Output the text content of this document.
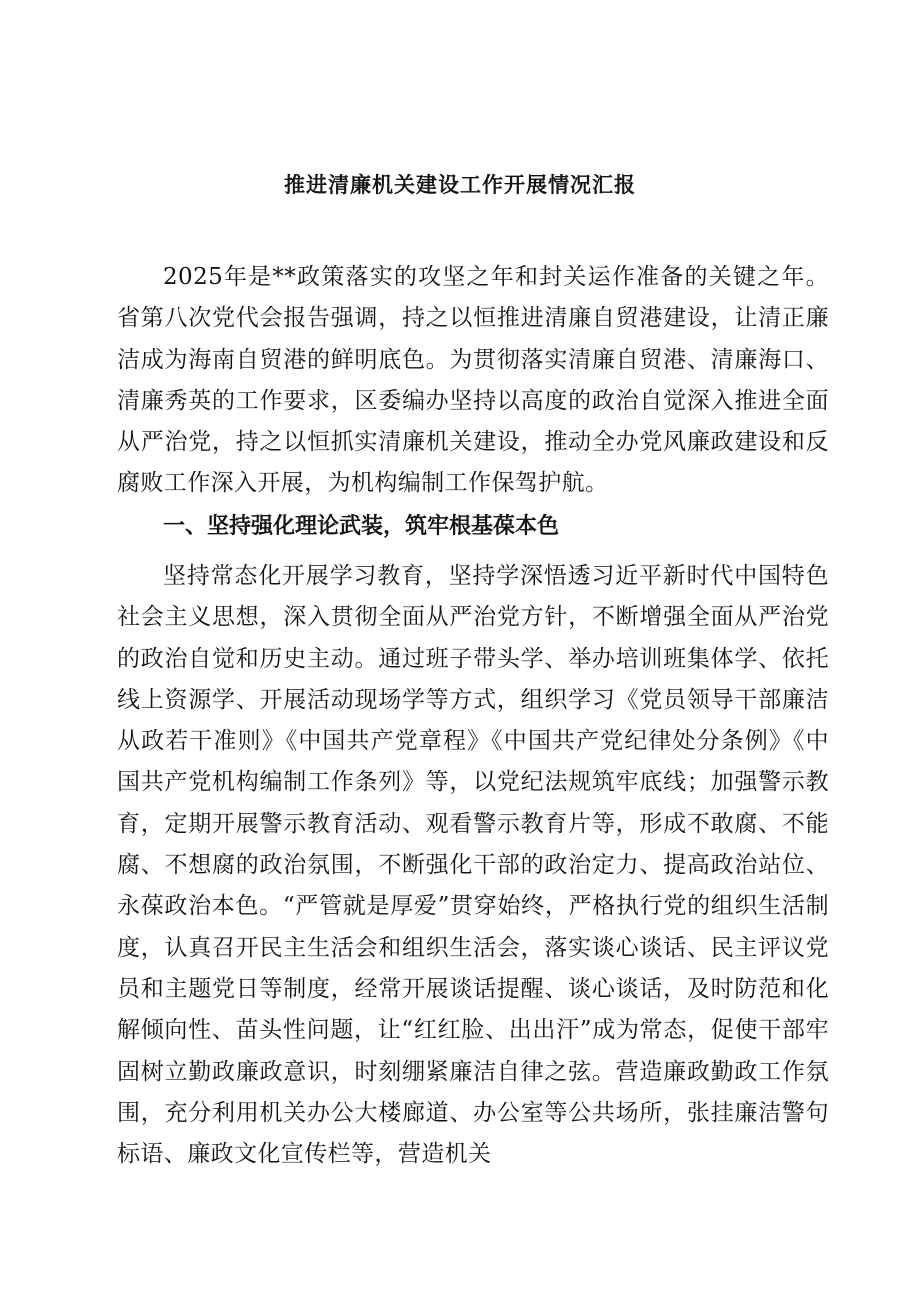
推进清廉机关建设工作开展情况汇报

2025年是**政策落实的攻坚之年和封关运作准备的关键之年。省第八次党代会报告强调，持之以恒推进清廉自贸港建设，让清正廉洁成为海南自贸港的鲜明底色。为贯彻落实清廉自贸港、清廉海口、清廉秀英的工作要求，区委编办坚持以高度的政治自觉深入推进全面从严治党，持之以恒抓实清廉机关建设，推动全办党风廉政建设和反腐败工作深入开展，为机构编制工作保驾护航。

一、坚持强化理论武装，筑牢根基葆本色

坚持常态化开展学习教育，坚持学深悟透习近平新时代中国特色社会主义思想，深入贯彻全面从严治党方针，不断增强全面从严治党的政治自觉和历史主动。通过班子带头学、举办培训班集体学、依托线上资源学、开展活动现场学等方式，组织学习《党员领导干部廉洁从政若干准则》《中国共产党章程》《中国共产党纪律处分条例》《中国共产党机构编制工作条列》等，以党纪法规筑牢底线；加强警示教育，定期开展警示教育活动、观看警示教育片等，形成不敢腐、不能腐、不想腐的政治氛围，不断强化干部的政治定力、提高政治站位、永葆政治本色。“严管就是厚爱”贯穿始终，严格执行党的组织生活制度，认真召开民主生活会和组织生活会，落实谈心谈话、民主评议党员和主题党日等制度，经常开展谈话提醒、谈心谈话，及时防范和化解倾向性、苗头性问题，让“红红脸、出出汗”成为常态，促使干部牢固树立勤政廉政意识，时刻绷紧廉洁自律之弦。营造廉政勤政工作氛围，充分利用机关办公大楼廊道、办公室等公共场所，张挂廉洁警句标语、廉政文化宣传栏等，营造机关
